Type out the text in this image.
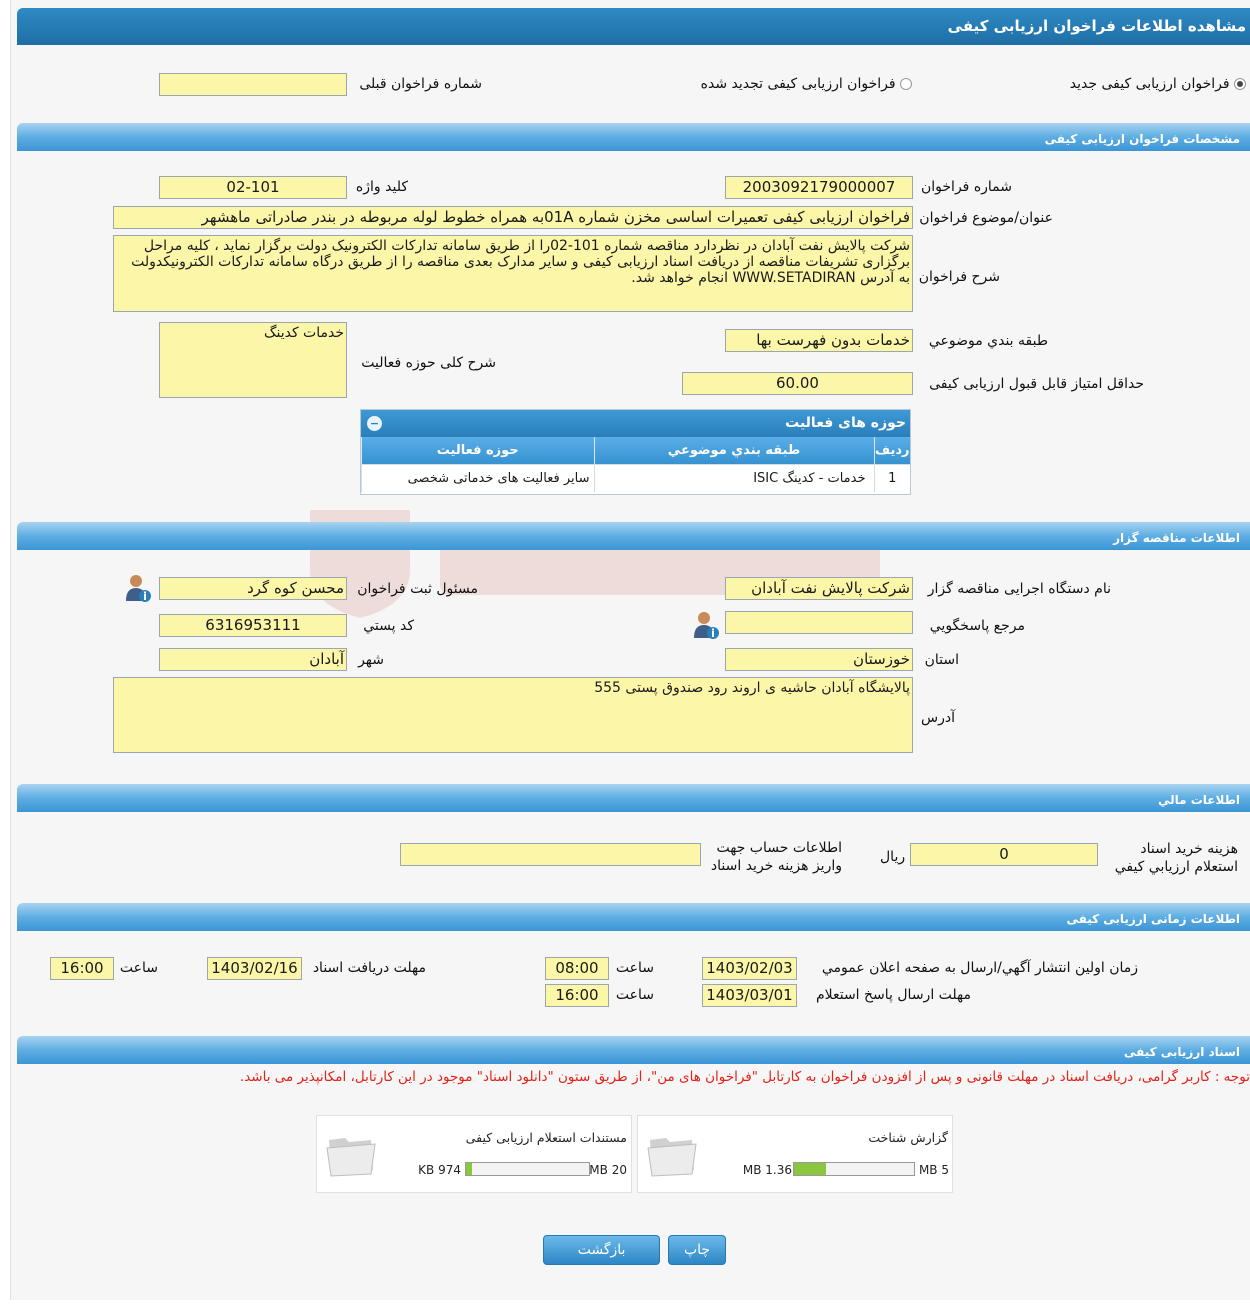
مشاهده اطلاعات فراخوان ارزیابی کیفی
فراخوان ارزیابی کیفی جدید
فراخوان ارزیابی کیفی تجدید شده
شماره فراخوان قبلی
مشخصات فراخوان ارزیابی کیفی
شماره فراخوان
2003092179000007
کلید واژه
02-101
عنوان/موضوع فراخوان
فراخوان ارزیابی کیفی تعمیرات اساسی مخزن شماره 01Aبه همراه خطوط لوله مربوطه در بندر صادراتی ماهشهر
شرح فراخوان
شرکت پالایش نفت آبادان در نظردارد مناقصه شماره 101-02را از طریق سامانه تدارکات الکترونیک دولت برگزار نماید ، کلیه مراحل برگزاری تشریفات مناقصه از دریافت اسناد ارزیابی کیفی و سایر مدارک بعدی مناقصه را از طریق درگاه سامانه تدارکات الکترونیکدولت به آدرس WWW.SETADIRAN انجام خواهد شد.
طبقه بندي موضوعي
خدمات بدون فهرست بها
شرح کلی حوزه فعالیت
خدمات کدینگ
حداقل امتیاز قابل قبول ارزیابی کیفی
60.00
حوزه های فعالیت
−
رديف	طبقه بندي موضوعي	حوزه فعاليت
1	خدمات - کدینگ ISIC	سایر فعالیت های خدماتی شخصی
اطلاعات مناقصه گزار
نام دستگاه اجرایی مناقصه گزار
شرکت پالایش نفت آبادان
مسئول ثبت فراخوان
محسن کوه گرد
مرجع پاسخگويي
کد پستي
6316953111
استان
خوزستان
شهر
آبادان
آدرس
پالایشگاه آبادان حاشیه ی اروند رود صندوق پستی 555
اطلاعات مالي
هزینه خرید اسناد
استعلام ارزيابي کيفي
0
ريال
اطلاعات حساب جهت
واريز هزينه خريد اسناد
اطلاعات زمانی ارزیابی کیفی
زمان اولین انتشار آگهي/ارسال به صفحه اعلان عمومي
1403/02/03
ساعت
08:00
مهلت دریافت اسناد
1403/02/16
ساعت
16:00
مهلت ارسال پاسخ استعلام
1403/03/01
ساعت
16:00
اسناد ارزیابی کیفی
توجه : کاربر گرامی، دریافت اسناد در مهلت قانونی و پس از افزودن فراخوان به کارتابل "فراخوان های من"، از طریق ستون "دانلود اسناد" موجود در این کارتابل، امکانپذیر می باشد.
گزارش شناخت
1.36 MB	5 MB
مستندات استعلام ارزیابی کیفی
974 KB	20 MB
چاپ
بازگشت
